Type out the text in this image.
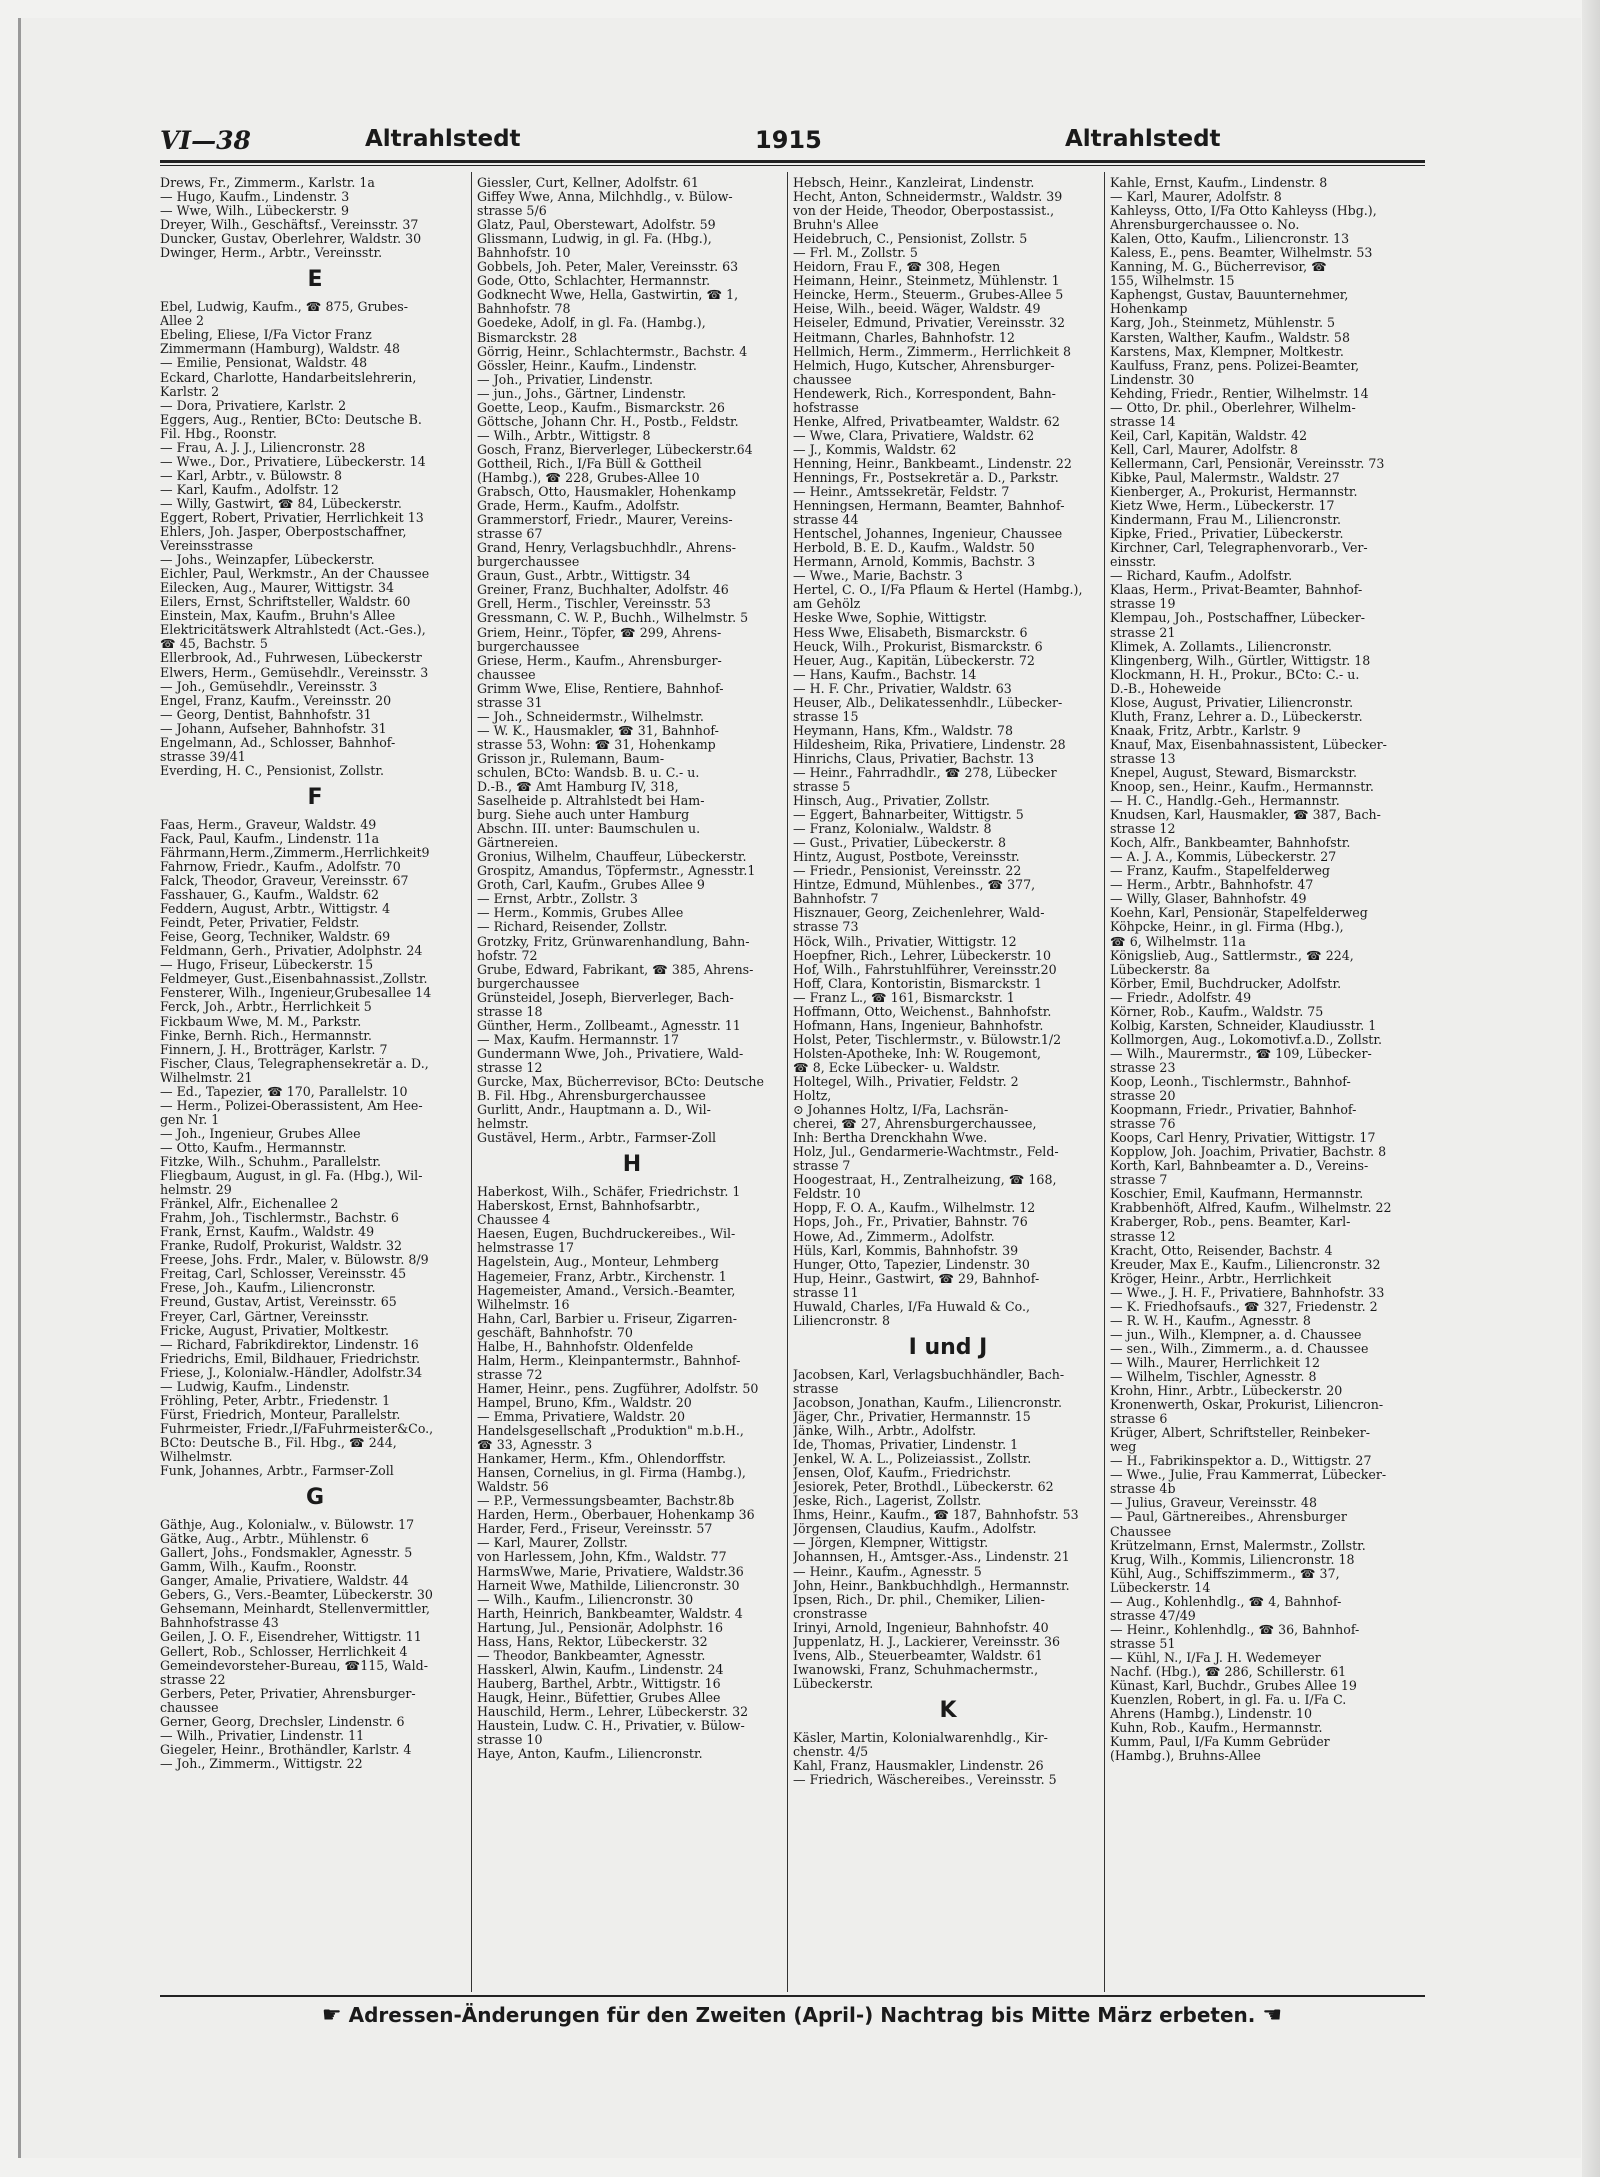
VI—38	Altrahlstedt	1915	Altrahlstedt
Drews, Fr., Zimmerm., Karlstr. 1a
— Hugo, Kaufm., Lindenstr. 3
— Wwe, Wilh., Lübeckerstr. 9
Dreyer, Wilh., Geschäftsf., Vereinsstr. 37
Duncker, Gustav, Oberlehrer, Waldstr. 30
Dwinger, Herm., Arbtr., Vereinsstr.
E
Ebel, Ludwig, Kaufm., ☎ 875, Grubes-
Allee 2
Ebeling, Eliese, I/Fa Victor Franz
Zimmermann (Hamburg), Waldstr. 48
— Emilie, Pensionat, Waldstr. 48
Eckard, Charlotte, Handarbeitslehrerin,
Karlstr. 2
— Dora, Privatiere, Karlstr. 2
Eggers, Aug., Rentier, BCto: Deutsche B.
Fil. Hbg., Roonstr.
— Frau, A. J. J., Liliencronstr. 28
— Wwe., Dor., Privatiere, Lübeckerstr. 14
— Karl, Arbtr., v. Bülowstr. 8
— Karl, Kaufm., Adolfstr. 12
— Willy, Gastwirt, ☎ 84, Lübeckerstr.
Eggert, Robert, Privatier, Herrlichkeit 13
Ehlers, Joh. Jasper, Oberpostschaffner,
Vereinsstrasse
— Johs., Weinzapfer, Lübeckerstr.
Eichler, Paul, Werkmstr., An der Chaussee
Eilecken, Aug., Maurer, Wittigstr. 34
Eilers, Ernst, Schriftsteller, Waldstr. 60
Einstein, Max, Kaufm., Bruhn's Allee
Elektricitätswerk Altrahlstedt (Act.-Ges.),
☎ 45, Bachstr. 5
Ellerbrook, Ad., Fuhrwesen, Lübeckerstr
Elwers, Herm., Gemüsehdlr., Vereinsstr. 3
— Joh., Gemüsehdlr., Vereinsstr. 3
Engel, Franz, Kaufm., Vereinsstr. 20
— Georg, Dentist, Bahnhofstr. 31
— Johann, Aufseher, Bahnhofstr. 31
Engelmann, Ad., Schlosser, Bahnhof-
strasse 39/41
Everding, H. C., Pensionist, Zollstr.
F
Faas, Herm., Graveur, Waldstr. 49
Fack, Paul, Kaufm., Lindenstr. 11a
Fährmann,Herm.,Zimmerm.,Herrlichkeit9
Fahrnow, Friedr., Kaufm., Adolfstr. 70
Falck, Theodor, Graveur, Vereinsstr. 67
Fasshauer, G., Kaufm., Waldstr. 62
Feddern, August, Arbtr., Wittigstr. 4
Feindt, Peter, Privatier, Feldstr.
Feise, Georg, Techniker, Waldstr. 69
Feldmann, Gerh., Privatier, Adolphstr. 24
— Hugo, Friseur, Lübeckerstr. 15
Feldmeyer, Gust.,Eisenbahnassist.,Zollstr.
Fensterer, Wilh., Ingenieur,Grubesallee 14
Ferck, Joh., Arbtr., Herrlichkeit 5
Fickbaum Wwe, M. M., Parkstr.
Finke, Bernh. Rich., Hermannstr.
Finnern, J. H., Brotträger, Karlstr. 7
Fischer, Claus, Telegraphensekretär a. D.,
Wilhelmstr. 21
— Ed., Tapezier, ☎ 170, Parallelstr. 10
— Herm., Polizei-Oberassistent, Am Hee-
gen Nr. 1
— Joh., Ingenieur, Grubes Allee
— Otto, Kaufm., Hermannstr.
Fitzke, Wilh., Schuhm., Parallelstr.
Fliegbaum, August, in gl. Fa. (Hbg.), Wil-
helmstr. 29
Fränkel, Alfr., Eichenallee 2
Frahm, Joh., Tischlermstr., Bachstr. 6
Frank, Ernst, Kaufm., Waldstr. 49
Franke, Rudolf, Prokurist, Waldstr. 32
Freese, Johs. Frdr., Maler, v. Bülowstr. 8/9
Freitag, Carl, Schlosser, Vereinsstr. 45
Frese, Joh., Kaufm., Liliencronstr.
Freund, Gustav, Artist, Vereinsstr. 65
Freyer, Carl, Gärtner, Vereinsstr.
Fricke, August, Privatier, Moltkestr.
— Richard, Fabrikdirektor, Lindenstr. 16
Friedrichs, Emil, Bildhauer, Friedrichstr.
Friese, J., Kolonialw.-Händler, Adolfstr.34
— Ludwig, Kaufm., Lindenstr.
Fröhling, Peter, Arbtr., Friedenstr. 1
Fürst, Friedrich, Monteur, Parallelstr.
Fuhrmeister, Friedr.,I/FaFuhrmeister&Co.,
BCto: Deutsche B., Fil. Hbg., ☎ 244,
Wilhelmstr.
Funk, Johannes, Arbtr., Farmser-Zoll
G
Gäthje, Aug., Kolonialw., v. Bülowstr. 17
Gätke, Aug., Arbtr., Mühlenstr. 6
Gallert, Johs., Fondsmakler, Agnesstr. 5
Gamm, Wilh., Kaufm., Roonstr.
Ganger, Amalie, Privatiere, Waldstr. 44
Gebers, G., Vers.-Beamter, Lübeckerstr. 30
Gehsemann, Meinhardt, Stellenvermittler,
Bahnhofstrasse 43
Geilen, J. O. F., Eisendreher, Wittigstr. 11
Gellert, Rob., Schlosser, Herrlichkeit 4
Gemeindevorsteher-Bureau, ☎115, Wald-
strasse 22
Gerbers, Peter, Privatier, Ahrensburger-
chaussee
Gerner, Georg, Drechsler, Lindenstr. 6
— Wilh., Privatier, Lindenstr. 11
Giegeler, Heinr., Brothändler, Karlstr. 4
— Joh., Zimmerm., Wittigstr. 22
Giessler, Curt, Kellner, Adolfstr. 61
Giffey Wwe, Anna, Milchhdlg., v. Bülow-
strasse 5/6
Glatz, Paul, Oberstewart, Adolfstr. 59
Glissmann, Ludwig, in gl. Fa. (Hbg.),
Bahnhofstr. 10
Gobbels, Joh. Peter, Maler, Vereinsstr. 63
Gode, Otto, Schlachter, Hermannstr.
Godknecht Wwe, Hella, Gastwirtin, ☎ 1,
Bahnhofstr. 78
Goedeke, Adolf, in gl. Fa. (Hambg.),
Bismarckstr. 28
Görrig, Heinr., Schlachtermstr., Bachstr. 4
Gössler, Heinr., Kaufm., Lindenstr.
— Joh., Privatier, Lindenstr.
— jun., Johs., Gärtner, Lindenstr.
Goette, Leop., Kaufm., Bismarckstr. 26
Göttsche, Johann Chr. H., Postb., Feldstr.
— Wilh., Arbtr., Wittigstr. 8
Gosch, Franz, Bierverleger, Lübeckerstr.64
Gottheil, Rich., I/Fa Büll & Gottheil
(Hambg.), ☎ 228, Grubes-Allee 10
Grabsch, Otto, Hausmakler, Hohenkamp
Grade, Herm., Kaufm., Adolfstr.
Grammerstorf, Friedr., Maurer, Vereins-
strasse 67
Grand, Henry, Verlagsbuchhdlr., Ahrens-
burgerchaussee
Graun, Gust., Arbtr., Wittigstr. 34
Greiner, Franz, Buchhalter, Adolfstr. 46
Grell, Herm., Tischler, Vereinsstr. 53
Gressmann, C. W. P., Buchh., Wilhelmstr. 5
Griem, Heinr., Töpfer, ☎ 299, Ahrens-
burgerchaussee
Griese, Herm., Kaufm., Ahrensburger-
chaussee
Grimm Wwe, Elise, Rentiere, Bahnhof-
strasse 31
— Joh., Schneidermstr., Wilhelmstr.
— W. K., Hausmakler, ☎ 31, Bahnhof-
strasse 53, Wohn: ☎ 31, Hohenkamp
Grisson jr., Rulemann, Baum-
schulen, BCto: Wandsb. B. u. C.- u.
D.-B., ☎ Amt Hamburg IV, 318,
Saselheide p. Altrahlstedt bei Ham-
burg. Siehe auch unter Hamburg
Abschn. III. unter: Baumschulen u.
Gärtnereien.
Gronius, Wilhelm, Chauffeur, Lübeckerstr.
Grospitz, Amandus, Töpfermstr., Agnesstr.1
Groth, Carl, Kaufm., Grubes Allee 9
— Ernst, Arbtr., Zollstr. 3
— Herm., Kommis, Grubes Allee
— Richard, Reisender, Zollstr.
Grotzky, Fritz, Grünwarenhandlung, Bahn-
hofstr. 72
Grube, Edward, Fabrikant, ☎ 385, Ahrens-
burgerchaussee
Grünsteidel, Joseph, Bierverleger, Bach-
strasse 18
Günther, Herm., Zollbeamt., Agnesstr. 11
— Max, Kaufm. Hermannstr. 17
Gundermann Wwe, Joh., Privatiere, Wald-
strasse 12
Gurcke, Max, Bücherrevisor, BCto: Deutsche
B. Fil. Hbg., Ahrensburgerchaussee
Gurlitt, Andr., Hauptmann a. D., Wil-
helmstr.
Gustävel, Herm., Arbtr., Farmser-Zoll
H
Haberkost, Wilh., Schäfer, Friedrichstr. 1
Haberskost, Ernst, Bahnhofsarbtr.,
Chaussee 4
Haesen, Eugen, Buchdruckereibes., Wil-
helmstrasse 17
Hagelstein, Aug., Monteur, Lehmberg
Hagemeier, Franz, Arbtr., Kirchenstr. 1
Hagemeister, Amand., Versich.-Beamter,
Wilhelmstr. 16
Hahn, Carl, Barbier u. Friseur, Zigarren-
geschäft, Bahnhofstr. 70
Halbe, H., Bahnhofstr. Oldenfelde
Halm, Herm., Kleinpantermstr., Bahnhof-
strasse 72
Hamer, Heinr., pens. Zugführer, Adolfstr. 50
Hampel, Bruno, Kfm., Waldstr. 20
— Emma, Privatiere, Waldstr. 20
Handelsgesellschaft „Produktion" m.b.H.,
☎ 33, Agnesstr. 3
Hankamer, Herm., Kfm., Ohlendorffstr.
Hansen, Cornelius, in gl. Firma (Hambg.),
Waldstr. 56
— P.P., Vermessungsbeamter, Bachstr.8b
Harden, Herm., Oberbauer, Hohenkamp 36
Harder, Ferd., Friseur, Vereinsstr. 57
— Karl, Maurer, Zollstr.
von Harlessem, John, Kfm., Waldstr. 77
HarmsWwe, Marie, Privatiere, Waldstr.36
Harneit Wwe, Mathilde, Liliencronstr. 30
— Wilh., Kaufm., Liliencronstr. 30
Harth, Heinrich, Bankbeamter, Waldstr. 4
Hartung, Jul., Pensionär, Adolphstr. 16
Hass, Hans, Rektor, Lübeckerstr. 32
— Theodor, Bankbeamter, Agnesstr.
Hasskerl, Alwin, Kaufm., Lindenstr. 24
Hauberg, Barthel, Arbtr., Wittigstr. 16
Haugk, Heinr., Büfettier, Grubes Allee
Hauschild, Herm., Lehrer, Lübeckerstr. 32
Haustein, Ludw. C. H., Privatier, v. Bülow-
strasse 10
Haye, Anton, Kaufm., Liliencronstr.
Hebsch, Heinr., Kanzleirat, Lindenstr.
Hecht, Anton, Schneidermstr., Waldstr. 39
von der Heide, Theodor, Oberpostassist.,
Bruhn's Allee
Heidebruch, C., Pensionist, Zollstr. 5
— Frl. M., Zollstr. 5
Heidorn, Frau F., ☎ 308, Hegen
Heimann, Heinr., Steinmetz, Mühlenstr. 1
Heincke, Herm., Steuerm., Grubes-Allee 5
Heise, Wilh., beeid. Wäger, Waldstr. 49
Heiseler, Edmund, Privatier, Vereinsstr. 32
Heitmann, Charles, Bahnhofstr. 12
Hellmich, Herm., Zimmerm., Herrlichkeit 8
Helmich, Hugo, Kutscher, Ahrensburger-
chaussee
Hendewerk, Rich., Korrespondent, Bahn-
hofstrasse
Henke, Alfred, Privatbeamter, Waldstr. 62
— Wwe, Clara, Privatiere, Waldstr. 62
— J., Kommis, Waldstr. 62
Henning, Heinr., Bankbeamt., Lindenstr. 22
Hennings, Fr., Postsekretär a. D., Parkstr.
— Heinr., Amtssekretär, Feldstr. 7
Henningsen, Hermann, Beamter, Bahnhof-
strasse 44
Hentschel, Johannes, Ingenieur, Chaussee
Herbold, B. E. D., Kaufm., Waldstr. 50
Hermann, Arnold, Kommis, Bachstr. 3
— Wwe., Marie, Bachstr. 3
Hertel, C. O., I/Fa Pflaum & Hertel (Hambg.),
am Gehölz
Heske Wwe, Sophie, Wittigstr.
Hess Wwe, Elisabeth, Bismarckstr. 6
Heuck, Wilh., Prokurist, Bismarckstr. 6
Heuer, Aug., Kapitän, Lübeckerstr. 72
— Hans, Kaufm., Bachstr. 14
— H. F. Chr., Privatier, Waldstr. 63
Heuser, Alb., Delikatessenhdlr., Lübecker-
strasse 15
Heymann, Hans, Kfm., Waldstr. 78
Hildesheim, Rika, Privatiere, Lindenstr. 28
Hinrichs, Claus, Privatier, Bachstr. 13
— Heinr., Fahrradhdlr., ☎ 278, Lübecker
strasse 5
Hinsch, Aug., Privatier, Zollstr.
— Eggert, Bahnarbeiter, Wittigstr. 5
— Franz, Kolonialw., Waldstr. 8
— Gust., Privatier, Lübeckerstr. 8
Hintz, August, Postbote, Vereinsstr.
— Friedr., Pensionist, Vereinsstr. 22
Hintze, Edmund, Mühlenbes., ☎ 377,
Bahnhofstr. 7
Hisznauer, Georg, Zeichenlehrer, Wald-
strasse 73
Höck, Wilh., Privatier, Wittigstr. 12
Hoepfner, Rich., Lehrer, Lübeckerstr. 10
Hof, Wilh., Fahrstuhlführer, Vereinsstr.20
Hoff, Clara, Kontoristin, Bismarckstr. 1
— Franz L., ☎ 161, Bismarckstr. 1
Hoffmann, Otto, Weichenst., Bahnhofstr.
Hofmann, Hans, Ingenieur, Bahnhofstr.
Holst, Peter, Tischlermstr., v. Bülowstr.1/2
Holsten-Apotheke, Inh: W. Rougemont,
☎ 8, Ecke Lübecker- u. Waldstr.
Holtegel, Wilh., Privatier, Feldstr. 2
Holtz,
⊙ Johannes Holtz, I/Fa, Lachsrän-
cherei, ☎ 27, Ahrensburgerchaussee,
Inh: Bertha Drenckhahn Wwe.
Holz, Jul., Gendarmerie-Wachtmstr., Feld-
strasse 7
Hoogestraat, H., Zentralheizung, ☎ 168,
Feldstr. 10
Hopp, F. O. A., Kaufm., Wilhelmstr. 12
Hops, Joh., Fr., Privatier, Bahnstr. 76
Howe, Ad., Zimmerm., Adolfstr.
Hüls, Karl, Kommis, Bahnhofstr. 39
Hunger, Otto, Tapezier, Lindenstr. 30
Hup, Heinr., Gastwirt, ☎ 29, Bahnhof-
strasse 11
Huwald, Charles, I/Fa Huwald & Co.,
Liliencronstr. 8
I und J
Jacobsen, Karl, Verlagsbuchhändler, Bach-
strasse
Jacobson, Jonathan, Kaufm., Liliencronstr.
Jäger, Chr., Privatier, Hermannstr. 15
Jänke, Wilh., Arbtr., Adolfstr.
Ide, Thomas, Privatier, Lindenstr. 1
Jenkel, W. A. L., Polizeiassist., Zollstr.
Jensen, Olof, Kaufm., Friedrichstr.
Jesiorek, Peter, Brothdl., Lübeckerstr. 62
Jeske, Rich., Lagerist, Zollstr.
Ihms, Heinr., Kaufm., ☎ 187, Bahnhofstr. 53
Jörgensen, Claudius, Kaufm., Adolfstr.
— Jörgen, Klempner, Wittigstr.
Johannsen, H., Amtsger.-Ass., Lindenstr. 21
— Heinr., Kaufm., Agnesstr. 5
John, Heinr., Bankbuchhdlgh., Hermannstr.
Ipsen, Rich., Dr. phil., Chemiker, Lilien-
cronstrasse
Irinyi, Arnold, Ingenieur, Bahnhofstr. 40
Juppenlatz, H. J., Lackierer, Vereinsstr. 36
Ivens, Alb., Steuerbeamter, Waldstr. 61
Iwanowski, Franz, Schuhmachermstr.,
Lübeckerstr.
K
Käsler, Martin, Kolonialwarenhdlg., Kir-
chenstr. 4/5
Kahl, Franz, Hausmakler, Lindenstr. 26
— Friedrich, Wäschereibes., Vereinsstr. 5
Kahle, Ernst, Kaufm., Lindenstr. 8
— Karl, Maurer, Adolfstr. 8
Kahleyss, Otto, I/Fa Otto Kahleyss (Hbg.),
Ahrensburgerchaussee o. No.
Kalen, Otto, Kaufm., Liliencronstr. 13
Kaless, E., pens. Beamter, Wilhelmstr. 53
Kanning, M. G., Bücherrevisor, ☎
155, Wilhelmstr. 15
Kaphengst, Gustav, Bauunternehmer,
Hohenkamp
Karg, Joh., Steinmetz, Mühlenstr. 5
Karsten, Walther, Kaufm., Waldstr. 58
Karstens, Max, Klempner, Moltkestr.
Kaulfuss, Franz, pens. Polizei-Beamter,
Lindenstr. 30
Kehding, Friedr., Rentier, Wilhelmstr. 14
— Otto, Dr. phil., Oberlehrer, Wilhelm-
strasse 14
Keil, Carl, Kapitän, Waldstr. 42
Kell, Carl, Maurer, Adolfstr. 8
Kellermann, Carl, Pensionär, Vereinsstr. 73
Kibke, Paul, Malermstr., Waldstr. 27
Kienberger, A., Prokurist, Hermannstr.
Kietz Wwe, Herm., Lübeckerstr. 17
Kindermann, Frau M., Liliencronstr.
Kipke, Fried., Privatier, Lübeckerstr.
Kirchner, Carl, Telegraphenvorarb., Ver-
einsstr.
— Richard, Kaufm., Adolfstr.
Klaas, Herm., Privat-Beamter, Bahnhof-
strasse 19
Klempau, Joh., Postschaffner, Lübecker-
strasse 21
Klimek, A. Zollamts., Liliencronstr.
Klingenberg, Wilh., Gürtler, Wittigstr. 18
Klockmann, H. H., Prokur., BCto: C.- u.
D.-B., Hoheweide
Klose, August, Privatier, Liliencronstr.
Kluth, Franz, Lehrer a. D., Lübeckerstr.
Knaak, Fritz, Arbtr., Karlstr. 9
Knauf, Max, Eisenbahnassistent, Lübecker-
strasse 13
Knepel, August, Steward, Bismarckstr.
Knoop, sen., Heinr., Kaufm., Hermannstr.
— H. C., Handlg.-Geh., Hermannstr.
Knudsen, Karl, Hausmakler, ☎ 387, Bach-
strasse 12
Koch, Alfr., Bankbeamter, Bahnhofstr.
— A. J. A., Kommis, Lübeckerstr. 27
— Franz, Kaufm., Stapelfelderweg
— Herm., Arbtr., Bahnhofstr. 47
— Willy, Glaser, Bahnhofstr. 49
Koehn, Karl, Pensionär, Stapelfelderweg
Köhpcke, Heinr., in gl. Firma (Hbg.),
☎ 6, Wilhelmstr. 11a
Königslieb, Aug., Sattlermstr., ☎ 224,
Lübeckerstr. 8a
Körber, Emil, Buchdrucker, Adolfstr.
— Friedr., Adolfstr. 49
Körner, Rob., Kaufm., Waldstr. 75
Kolbig, Karsten, Schneider, Klaudiusstr. 1
Kollmorgen, Aug., Lokomotivf.a.D., Zollstr.
— Wilh., Maurermstr., ☎ 109, Lübecker-
strasse 23
Koop, Leonh., Tischlermstr., Bahnhof-
strasse 20
Koopmann, Friedr., Privatier, Bahnhof-
strasse 76
Koops, Carl Henry, Privatier, Wittigstr. 17
Kopplow, Joh. Joachim, Privatier, Bachstr. 8
Korth, Karl, Bahnbeamter a. D., Vereins-
strasse 7
Koschier, Emil, Kaufmann, Hermannstr.
Krabbenhöft, Alfred, Kaufm., Wilhelmstr. 22
Kraberger, Rob., pens. Beamter, Karl-
strasse 12
Kracht, Otto, Reisender, Bachstr. 4
Kreuder, Max E., Kaufm., Liliencronstr. 32
Kröger, Heinr., Arbtr., Herrlichkeit
— Wwe., J. H. F., Privatiere, Bahnhofstr. 33
— K. Friedhofsaufs., ☎ 327, Friedenstr. 2
— R. W. H., Kaufm., Agnesstr. 8
— jun., Wilh., Klempner, a. d. Chaussee
— sen., Wilh., Zimmerm., a. d. Chaussee
— Wilh., Maurer, Herrlichkeit 12
— Wilhelm, Tischler, Agnesstr. 8
Krohn, Hinr., Arbtr., Lübeckerstr. 20
Kronenwerth, Oskar, Prokurist, Liliencron-
strasse 6
Krüger, Albert, Schriftsteller, Reinbeker-
weg
— H., Fabrikinspektor a. D., Wittigstr. 27
— Wwe., Julie, Frau Kammerrat, Lübecker-
strasse 4b
— Julius, Graveur, Vereinsstr. 48
— Paul, Gärtnereibes., Ahrensburger
Chaussee
Krützelmann, Ernst, Malermstr., Zollstr.
Krug, Wilh., Kommis, Liliencronstr. 18
Kühl, Aug., Schiffszimmerm., ☎ 37,
Lübeckerstr. 14
— Aug., Kohlenhdlg., ☎ 4, Bahnhof-
strasse 47/49
— Heinr., Kohlenhdlg., ☎ 36, Bahnhof-
strasse 51
— Kühl, N., I/Fa J. H. Wedemeyer
Nachf. (Hbg.), ☎ 286, Schillerstr. 61
Künast, Karl, Buchdr., Grubes Allee 19
Kuenzlen, Robert, in gl. Fa. u. I/Fa C.
Ahrens (Hambg.), Lindenstr. 10
Kuhn, Rob., Kaufm., Hermannstr.
Kumm, Paul, I/Fa Kumm Gebrüder
(Hambg.), Bruhns-Allee
☛ Adressen-Änderungen für den Zweiten (April-) Nachtrag bis Mitte März erbeten. ☚
